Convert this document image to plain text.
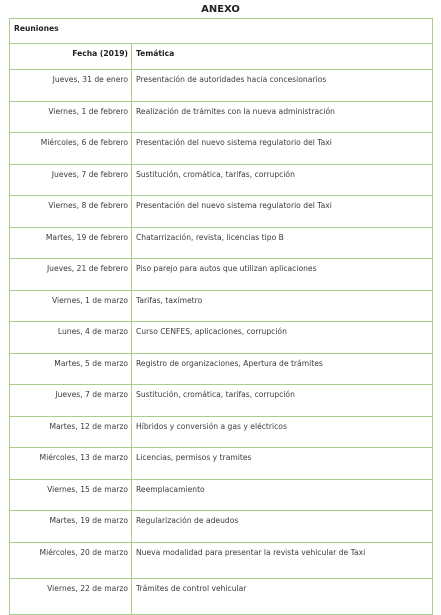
ANEXO
Reuniones	
Fecha (2019)	Temática
Jueves, 31 de enero	Presentación de autoridades hacia concesionarios
Viernes, 1 de febrero	Realización de trámites con la nueva administración
Miércoles, 6 de febrero	Presentación del nuevo sistema regulatorio del Taxi
Jueves, 7 de febrero	Sustitución, cromática, tarifas, corrupción
Viernes, 8 de febrero	Presentación del nuevo sistema regulatorio del Taxi
Martes, 19 de febrero	Chatarrización, revista, licencias tipo B
Jueves, 21 de febrero	Piso parejo para autos que utilizan aplicaciones
Viernes, 1 de marzo	Tarifas, taxímetro
Lunes, 4 de marzo	Curso CENFES, aplicaciones, corrupción
Martes, 5 de marzo	Registro de organizaciones, Apertura de trámites
Jueves, 7 de marzo	Sustitución, cromática, tarifas, corrupción
Martes, 12 de marzo	Híbridos y conversión a gas y eléctricos
Miércoles, 13 de marzo	Licencias, permisos y tramites
Viernes, 15 de marzo	Reemplacamiento
Martes, 19 de marzo	Regularización de adeudos
Miércoles, 20 de marzo	Nueva modalidad para presentar la revista vehicular de Taxi
Viernes, 22 de marzo	Trámites de control vehicular
